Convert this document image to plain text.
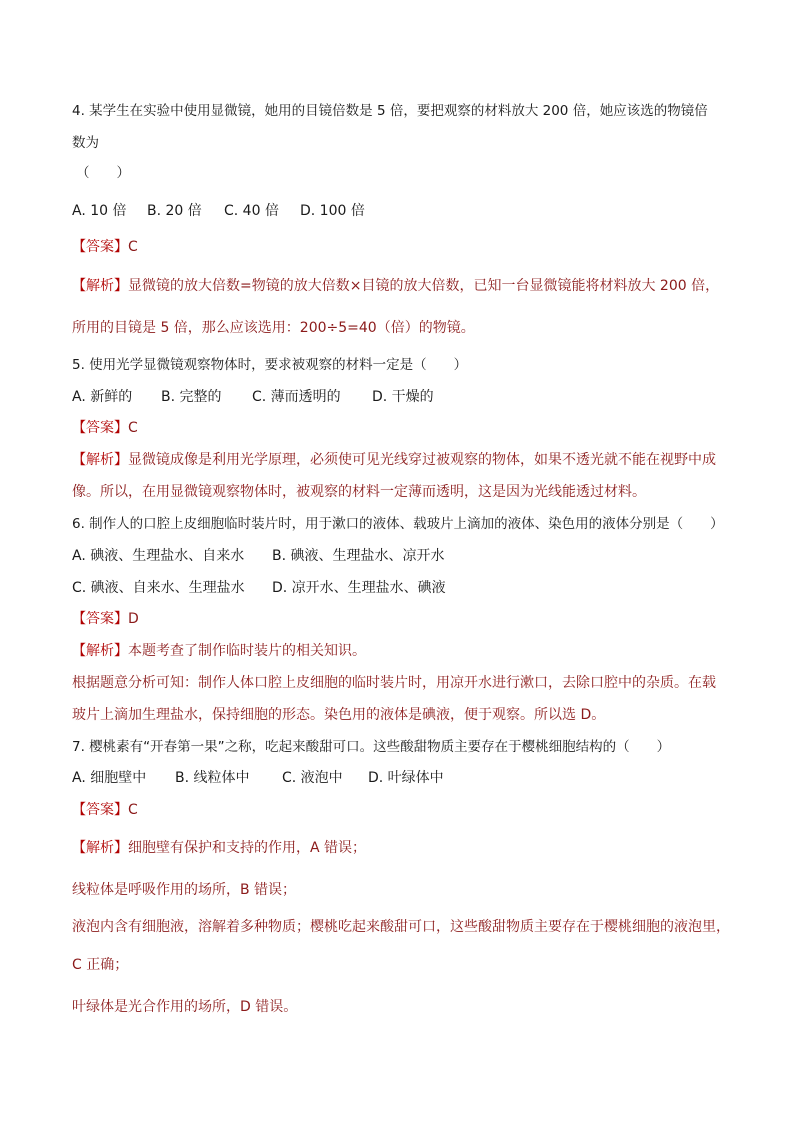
4. 某学生在实验中使用显微镜，她用的目镜倍数是 5 倍，要把观察的材料放大 200 倍，她应该选的物镜倍
数为
（　　）
A. 10 倍 B. 20 倍 C. 40 倍 D. 100 倍
【答案】C
【解析】显微镜的放大倍数=物镜的放大倍数×目镜的放大倍数，已知一台显微镜能将材料放大 200 倍，
所用的目镜是 5 倍，那么应该选用：200÷5=40（倍）的物镜。
5. 使用光学显微镜观察物体时，要求被观察的材料一定是（　　）
A. 新鲜的 B. 完整的 C. 薄而透明的 D. 干燥的
【答案】C
【解析】显微镜成像是利用光学原理，必须使可见光线穿过被观察的物体，如果不透光就不能在视野中成
像。所以，在用显微镜观察物体时，被观察的材料一定薄而透明，这是因为光线能透过材料。
6. 制作人的口腔上皮细胞临时装片时，用于漱口的液体、载玻片上滴加的液体、染色用的液体分别是（　　）
A. 碘液、生理盐水、自来水 B. 碘液、生理盐水、凉开水
C. 碘液、自来水、生理盐水 D. 凉开水、生理盐水、碘液
【答案】D
【解析】本题考查了制作临时装片的相关知识。
根据题意分析可知：制作人体口腔上皮细胞的临时装片时，用凉开水进行漱口，去除口腔中的杂质。在载
玻片上滴加生理盐水，保持细胞的形态。染色用的液体是碘液，便于观察。所以选 D。
7. 樱桃素有“开春第一果”之称，吃起来酸甜可口。这些酸甜物质主要存在于樱桃细胞结构的（　　）
A. 细胞壁中 B. 线粒体中 C. 液泡中 D. 叶绿体中
【答案】C
【解析】细胞壁有保护和支持的作用，A 错误；
线粒体是呼吸作用的场所，B 错误；
液泡内含有细胞液，溶解着多种物质；樱桃吃起来酸甜可口，这些酸甜物质主要存在于樱桃细胞的液泡里，
C 正确；
叶绿体是光合作用的场所，D 错误。
